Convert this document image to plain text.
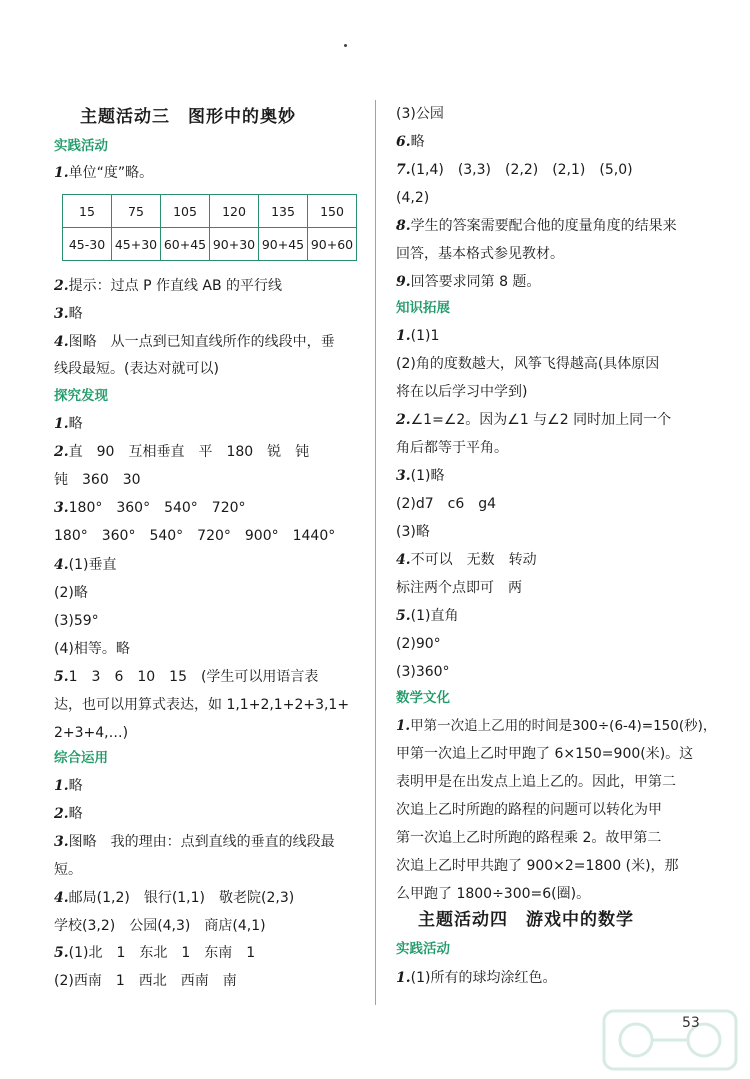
主题活动三　图形中的奥妙
实践活动
1.单位“度”略。
15	75	105	120	135	150
45-30	45+30	60+45	90+30	90+45	90+60
2.提示：过点 P 作直线 AB 的平行线
3.略
4.图略　从一点到已知直线所作的线段中，垂
线段最短。(表达对就可以)
探究发现
1.略
2.直　90　互相垂直　平　180　锐　钝
钝　360　30
3.180°　360°　540°　720°
180°　360°　540°　720°　900°　1440°
4.(1)垂直
(2)略
(3)59°
(4)相等。略
5.1　3　6　10　15　(学生可以用语言表
达，也可以用算式表达，如 1,1+2,1+2+3,1+
2+3+4,…)
综合运用
1.略
2.略
3.图略　我的理由：点到直线的垂直的线段最
短。
4.邮局(1,2)　银行(1,1)　敬老院(2,3)
学校(3,2)　公园(4,3)　商店(4,1)
5.(1)北　1　东北　1　东南　1
(2)西南　1　西北　西南　南
(3)公园
6.略
7.(1,4)　(3,3)　(2,2)　(2,1)　(5,0)
(4,2)
8.学生的答案需要配合他的度量角度的结果来
回答，基本格式参见教材。
9.回答要求同第 8 题。
知识拓展
1.(1)1
(2)角的度数越大，风筝飞得越高(具体原因
将在以后学习中学到)
2.∠1=∠2。因为∠1 与∠2 同时加上同一个
角后都等于平角。
3.(1)略
(2)d7　c6　g4
(3)略
4.不可以　无数　转动
标注两个点即可　两
5.(1)直角
(2)90°
(3)360°
数学文化
1.甲第一次追上乙用的时间是300÷(6-4)=150(秒)，
甲第一次追上乙时甲跑了 6×150=900(米)。这
表明甲是在出发点上追上乙的。因此，甲第二
次追上乙时所跑的路程的问题可以转化为甲
第一次追上乙时所跑的路程乘 2。故甲第二
次追上乙时甲共跑了 900×2=1800 (米)，那
么甲跑了 1800÷300=6(圈)。
主题活动四　游戏中的数学
实践活动
1.(1)所有的球均涂红色。
53
